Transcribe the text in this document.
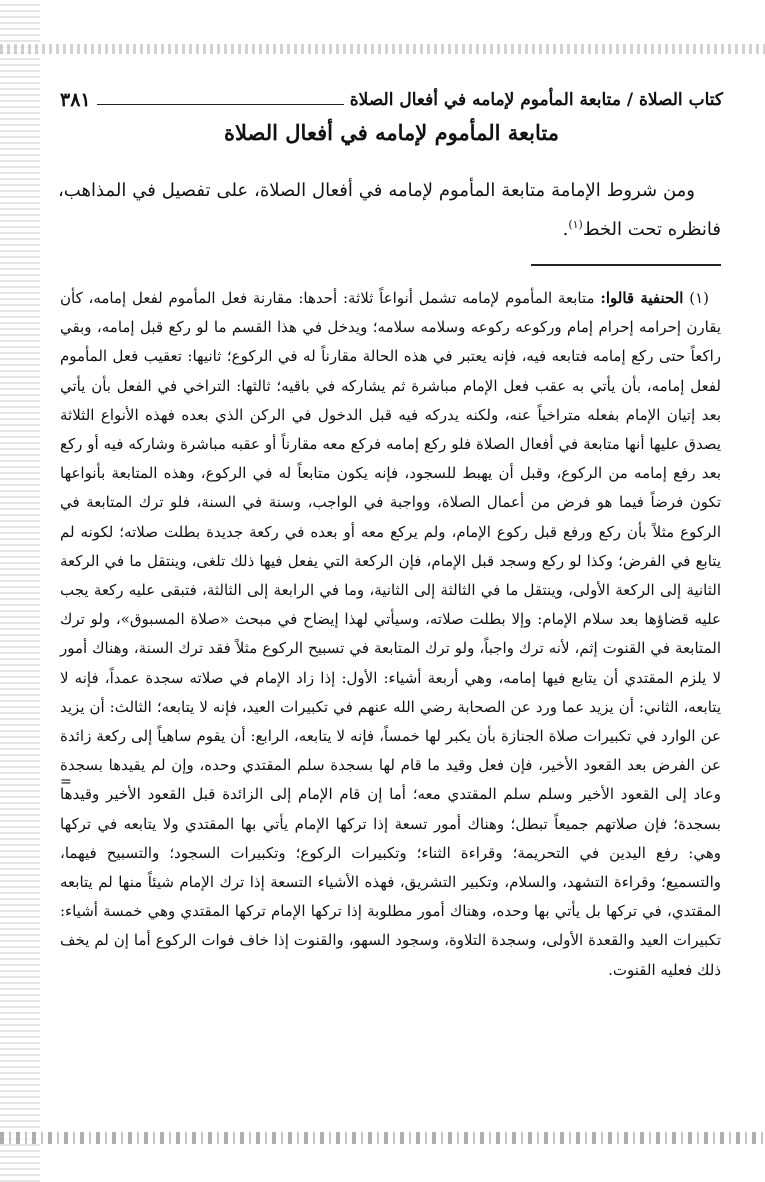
كتاب الصلاة / متابعة المأموم لإمامه في أفعال الصلاة
٣٨١
متابعة المأموم لإمامه في أفعال الصلاة
ومن شروط الإمامة متابعة المأموم لإمامه في أفعال الصلاة، على تفصيل في المذاهب، فانظره تحت الخط$^{(١)}$.
(١) الحنفية قالوا: متابعة المأموم لإمامه تشمل أنواعاً ثلاثة: أحدها: مقارنة فعل المأموم لفعل إمامه، كأن يقارن إحرامه إحرام إمام وركوعه ركوعه وسلامه سلامه؛ ويدخل في هذا القسم ما لو ركع قبل إمامه، وبقي راكعاً حتى ركع إمامه فتابعه فيه، فإنه يعتبر في هذه الحالة مقارناً له في الركوع؛ ثانيها: تعقيب فعل المأموم لفعل إمامه، بأن يأتي به عقب فعل الإمام مباشرة ثم يشاركه في باقيه؛ ثالثها: التراخي في الفعل بأن يأتي بعد إتيان الإمام بفعله متراخياً عنه، ولكنه يدركه فيه قبل الدخول في الركن الذي بعده فهذه الأنواع الثلاثة يصدق عليها أنها متابعة في أفعال الصلاة فلو ركع إمامه فركع معه مقارناً أو عقبه مباشرة وشاركه فيه أو ركع بعد رفع إمامه من الركوع، وقبل أن يهبط للسجود، فإنه يكون متابعاً له في الركوع، وهذه المتابعة بأنواعها تكون فرضاً فيما هو فرض من أعمال الصلاة، وواجبة في الواجب، وسنة في السنة، فلو ترك المتابعة في الركوع مثلاً بأن ركع ورفع قبل ركوع الإمام، ولم يركع معه أو بعده في ركعة جديدة بطلت صلاته؛ لكونه لم يتابع في الفرض؛ وكذا لو ركع وسجد قبل الإمام، فإن الركعة التي يفعل فيها ذلك تلغى، وينتقل ما في الركعة الثانية إلى الركعة الأولى، وينتقل ما في الثالثة إلى الثانية، وما في الرابعة إلى الثالثة، فتبقى عليه ركعة يجب عليه قضاؤها بعد سلام الإمام: وإلا بطلت صلاته، وسيأتي لهذا إيضاح في مبحث «صلاة المسبوق»، ولو ترك المتابعة في القنوت إثم، لأنه ترك واجباً، ولو ترك المتابعة في تسبيح الركوع مثلاً فقد ترك السنة، وهناك أمور لا يلزم المقتدي أن يتابع فيها إمامه، وهي أربعة أشياء: الأول: إذا زاد الإمام في صلاته سجدة عمداً، فإنه لا يتابعه، الثاني: أن يزيد عما ورد عن الصحابة رضي الله عنهم في تكبيرات العيد، فإنه لا يتابعه؛ الثالث: أن يزيد عن الوارد في تكبيرات صلاة الجنازة بأن يكبر لها خمساً، فإنه لا يتابعه، الرابع: أن يقوم ساهياً إلى ركعة زائدة عن الفرض بعد القعود الأخير، فإن فعل وقيد ما قام لها بسجدة سلم المقتدي وحده، وإن لم يقيدها بسجدة وعاد إلى القعود الأخير وسلم سلم المقتدي معه؛ أما إن قام الإمام إلى الزائدة قبل القعود الأخير وقيدها بسجدة؛ فإن صلاتهم جميعاً تبطل؛ وهناك أمور تسعة إذا تركها الإمام يأتي بها المقتدي ولا يتابعه في تركها وهي: رفع اليدين في التحريمة؛ وقراءة الثناء؛ وتكبيرات الركوع؛ وتكبيرات السجود؛ والتسبيح فيهما، والتسميع؛ وقراءة التشهد، والسلام، وتكبير التشريق، فهذه الأشياء التسعة إذا ترك الإمام شيئاً منها لم يتابعه المقتدي، في تركها بل يأتي بها وحده، وهناك أمور مطلوبة إذا تركها الإمام تركها المقتدي وهي خمسة أشياء: تكبيرات العيد والقعدة الأولى، وسجدة التلاوة، وسجود السهو، والقنوت إذا خاف فوات الركوع أما إن لم يخف ذلك فعليه القنوت.
=
